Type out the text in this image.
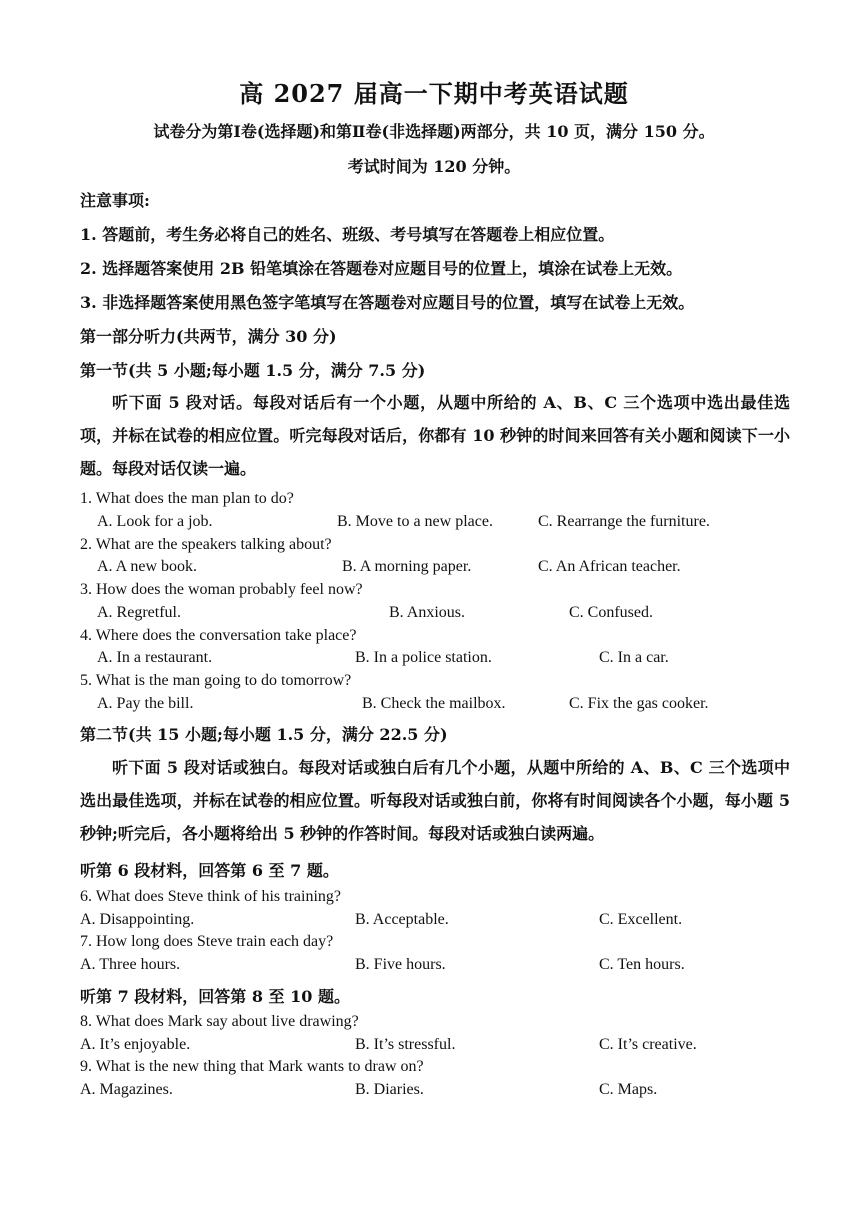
高 2027 届高一下期中考英语试题
试卷分为第Ⅰ卷(选择题)和第Ⅱ卷(非选择题)两部分，共 10 页，满分 150 分。
考试时间为 120 分钟。
注意事项:
1. 答题前，考生务必将自己的姓名、班级、考号填写在答题卷上相应位置。
2. 选择题答案使用 2B 铅笔填涂在答题卷对应题目号的位置上，填涂在试卷上无效。
3. 非选择题答案使用黑色签字笔填写在答题卷对应题目号的位置，填写在试卷上无效。
第一部分听力(共两节，满分 30 分)
第一节(共 5 小题;每小题 1.5 分，满分 7.5 分)
听下面 5 段对话。每段对话后有一个小题，从题中所给的 A、B、C 三个选项中选出最佳选项，并标在试卷的相应位置。听完每段对话后，你都有 10 秒钟的时间来回答有关小题和阅读下一小题。每段对话仅读一遍。
1. What does the man plan to do?
A. Look for a job.	B. Move to a new place.	C. Rearrange the furniture.
2. What are the speakers talking about?
A. A new book.	B. A morning paper.	C. An African teacher.
3. How does the woman probably feel now?
A. Regretful.	B. Anxious.	C. Confused.
4. Where does the conversation take place?
A. In a restaurant.	B. In a police station.	C. In a car.
5. What is the man going to do tomorrow?
A. Pay the bill.	B. Check the mailbox.	C. Fix the gas cooker.
第二节(共 15 小题;每小题 1.5 分，满分 22.5 分)
听下面 5 段对话或独白。每段对话或独白后有几个小题，从题中所给的 A、B、C 三个选项中选出最佳选项，并标在试卷的相应位置。听每段对话或独白前，你将有时间阅读各个小题，每小题 5 秒钟;听完后，各小题将给出 5 秒钟的作答时间。每段对话或独白读两遍。
听第 6 段材料，回答第 6 至 7 题。
6. What does Steve think of his training?
A. Disappointing.	B. Acceptable.	C. Excellent.
7. How long does Steve train each day?
A. Three hours.	B. Five hours.	C. Ten hours.
听第 7 段材料，回答第 8 至 10 题。
8. What does Mark say about live drawing?
A. It’s enjoyable.	B. It’s stressful.	C. It’s creative.
9. What is the new thing that Mark wants to draw on?
A. Magazines.	B. Diaries.	C. Maps.
